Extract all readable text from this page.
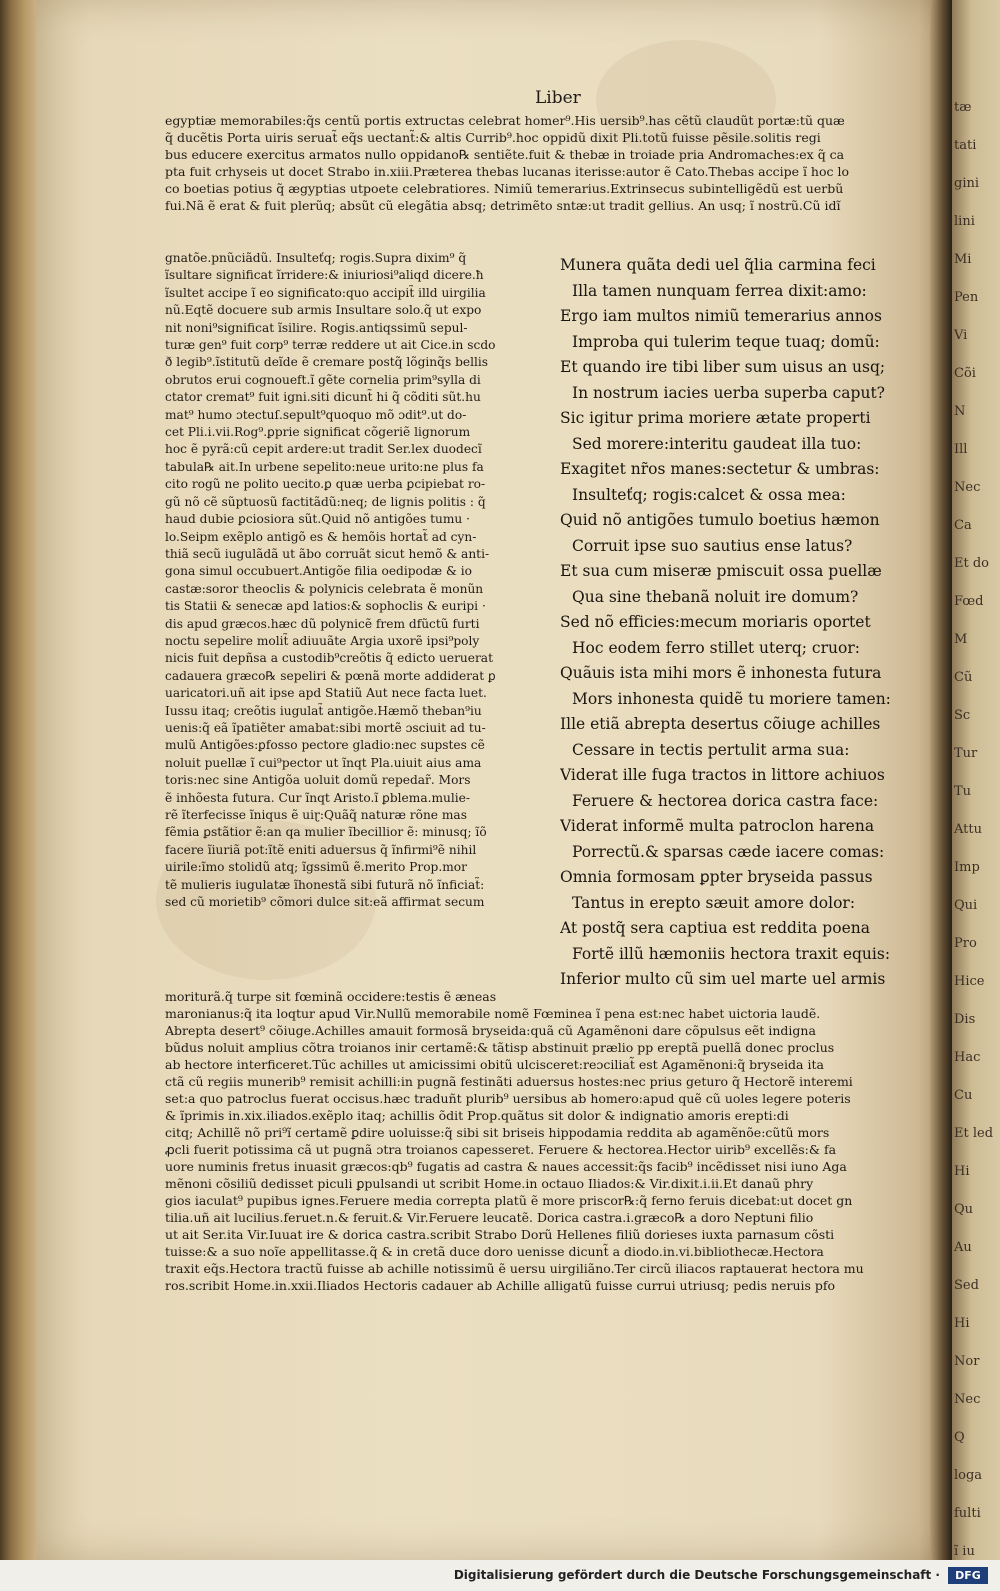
Liber
egyptiæ memorabiles:q̃s centũ portis extructas celebrat homer⁹.His uersib⁹.has cẽtũ claudũt portæ:tũ quæ
q̃ ducẽtis Porta uiris seruat̃ eq̃s uectant̃:& altis Currib⁹.hoc oppidũ dixit Pli.totũ fuisse pẽsile.solitis regi
bus educere exercitus armatos nullo oppidano℞ sentiẽte.fuit & thebæ in troiade pria Andromaches:ex q̃ ca
pta fuit crhyseis ut docet Strabo in.xiii.Præterea thebas lucanas iterisse:autor ẽ Cato.Thebas accipe ĩ hoc lo
co boetias potius q̃ ægyptias utpoete celebratiores. Nimiũ temerarius.Extrinsecus subintelligẽdũ est uerbũ
fui.Nã ẽ erat & fuit plerũq; absũt cũ elegãtia absq; detrimẽto sntæ:ut tradit gellius. An usq; ĩ nostrũ.Cũ idĩ
gnatõe.pnũciãdũ. Insulteťq; rogis.Supra dixim⁹ q̃
ĩsultare significat ĩrridere:& iniuriosi⁹aliqd dicere.ħ
ĩsultet accipe ĩ eo significato:quo accipit̃ illd uirgilia
nũ.Eqtẽ docuere sub armis Insultare solo.q̃ ut expo
nit noni⁹significat ĩsilire. Rogis.antiqssimũ sepul-
turæ gen⁹ fuit corp⁹ terræ reddere ut ait Cice.in scdo
ð legib⁹.ĩstitutũ deĩde ẽ cremare postq̃ lõginq̃s bellis
obrutos erui cognoueft.ĩ gẽte cornelia prim⁹sylla di
ctator cremat⁹ fuit igni.siti dicunt̃ hi q̃ cõditi sũt.hu
mat⁹ humo ɔtectuſ.sepult⁹quoquo mõ ɔdit⁹.ut do-
cet Pli.i.vii.Rog⁹.ꝑprie significat cõgeriẽ lignorum
hoc ẽ pyrã:cũ cepit ardere:ut tradit Ser.lex duodecĩ
tabula℞ ait.In urbene sepelito:neue urito:ne plus fa
cito rogũ ne polito uecito.ꝑ quæ uerba ꝑcipiebat ro-
gũ nõ cẽ sũptuosũ factitãdũ:neq; de lignis politis : q̃
haud dubie ꝑciosiora sũt.Quid nõ antigões tumu ·
lo.Seipm exẽplo antigõ es & hemõis hortat̃ ad cyn-
thiã secũ iugulãdã ut ãbo corruãt sicut hemõ & anti-
gona simul occubuert.Antigõe filia oedipodæ & io
castæ:soror theoclis & polynicis celebrata ẽ monũn
tis Statii & senecæ apd latios:& sophoclis & euripi ·
dis apud græcos.hæc dũ polynicẽ frem dfũctũ furti
noctu sepelire molit̃ adiuuãte Argia uxorẽ ipsi⁹poly
nicis fuit depñsa a custodib⁹creõtis q̃ edicto ueruerat
cadauera græco℞ sepeliri & pœnã morte addiderat ꝑ
uaricatori.uñ ait ipse apd Statiũ Aut nece facta luet.
Iussu itaq; creõtis iugulat̃ antigõe.Hæmõ theban⁹iu
uenis:q̃ eã ĩpatiẽter amabat:sibi mortẽ ɔsciuit ad tu-
mulũ Antigões:ꝑfosso pectore gladio:nec supstes cẽ
noluit puellæ ĩ cui⁹pector ut ĩnqt Pla.uiuit aius ama
toris:nec sine Antigõa uoluit domũ repedar̃. Mors
ẽ inhõesta futura. Cur ĩnqt Aristo.ĩ ꝑblema.mulie-
rẽ ĩterfecisse ĩniqus ẽ uiɽ:Quãq̃ naturæ rõne mas
fẽmia ꝑstãtior ẽ:an qa mulier ĩbecillior ẽ: minusq; ĩõ
facere ĩiuriã pot:ĩtẽ eniti aduersus q̃ ĩnfirmi⁹ẽ nihil
uirile:ĩmo stolidũ atq; ĩgssimũ ẽ.merito Prop.mor
tẽ mulieris iugulatæ ĩhonestã sibi futurã nõ ĩnficiat̃:
sed cũ morietib⁹ cõmori dulce sit:eã affirmat secum
Munera quãta dedi uel q̃lia carmina feci
Illa tamen nunquam ferrea dixit:amo:
Ergo iam multos nimiũ temerarius annos
Improba qui tulerim teque tuaq; domũ:
Et quando ire tibi liber sum uisus an usq;
In nostrum iacies uerba superba caput?
Sic igitur prima moriere ætate properti
Sed morere:interitu gaudeat illa tuo:
Exagitet nr̃os manes:sectetur & umbras:
Insulteťq; rogis:calcet & ossa mea:
Quid nõ antigões tumulo boetius hæmon
Corruit ipse suo sautius ense latus?
Et sua cum miseræ pmiscuit ossa puellæ
Qua sine thebanã noluit ire domum?
Sed nõ efficies:mecum moriaris oportet
Hoc eodem ferro stillet uterq; cruor:
Quãuis ista mihi mors ẽ inhonesta futura
Mors inhonesta quidẽ tu moriere tamen:
Ille etiã abrepta desertus cõiuge achilles
Cessare in tectis pertulit arma sua:
Viderat ille fuga tractos in littore achiuos
Feruere & hectorea dorica castra face:
Viderat informẽ multa patroclon harena
Porrectũ.& sparsas cæde iacere comas:
Omnia formosam ꝑpter bryseida passus
Tantus in erepto sæuit amore dolor:
At postq̃ sera captiua est reddita poena
Fortẽ illũ hæmoniis hectora traxit equis:
Inferior multo cũ sim uel marte uel armis
moriturã.q̃ turpe sit fœminã occidere:testis ẽ æneas
maronianus:q̃ ita loqtur apud Vir.Nullũ memorabile nomẽ Fœminea ĩ pena est:nec habet uictoria laudẽ.
Abrepta desert⁹ cõiuge.Achilles amauit formosã bryseida:quã cũ Agamẽnoni dare cõpulsus eẽt indigna
bũdus noluit amplius cõtra troianos inir certamẽ:& tãtisp abstinuit prælio pp ereptã puellã donec proclus
ab hectore interficeret.Tũc achilles ut amicissimi obitũ ulcisceret:reɔciliat̃ est Agamẽnoni:q̃ bryseida ita
ctã cũ regiis munerib⁹ remisit achilli:in pugnã festinãti aduersus hostes:nec prius geturo q̃ Hectorẽ interemi
set:a quo patroclus fuerat occisus.hæc traduñt plurib⁹ uersibus ab homero:apud quẽ cũ uoles legere poteris
& ĩprimis in.xix.iliados.exẽplo itaq; achillis õdit Prop.quãtus sit dolor & indignatio amoris erepti:di
citq; Achillẽ nõ pri⁹ĩ certamẽ ꝑdire uoluisse:q̃ sibi sit briseis hippodamia reddita ab agamẽnõe:cũtũ mors
ꝓcli fuerit potissima cã ut pugnã ɔtra troianos capesseret. Feruere & hectorea.Hector uirib⁹ excellẽs:& fa
uore numinis fretus inuasit græcos:qb⁹ fugatis ad castra & naues accessit:q̃s facib⁹ incẽdisset nisi iuno Aga
mẽnoni cõsiliũ dedisset piculi ꝑpulsandi ut scribit Home.in octauo Iliados:& Vir.dixit.i.ii.Et danaũ phry
gios iaculat⁹ pupibus ignes.Feruere media correpta platũ ẽ more priscor℞:q̃ ferno feruis dicebat:ut docet gn
tilia.uñ ait lucilius.feruet.n.& feruit.& Vir.Feruere leucatẽ. Dorica castra.i.græco℞ a doro Neptuni filio
ut ait Ser.ita Vir.Iuuat ire & dorica castra.scribit Strabo Dorũ Hellenes filiũ dorieses iuxta parnasum cõsti
tuisse:& a suo noĩe appellitasse.q̃ & in cretã duce doro uenisse dicunt̃ a diodo.in.vi.bibliothecæ.Hectora
traxit eq̃s.Hectora tractũ fuisse ab achille notissimũ ẽ uersu uirgiliãno.Ter circũ iliacos raptauerat hectora mu
ros.scribit Home.in.xxii.Iliados Hectoris cadauer ab Achille alligatũ fuisse currui utriusq; pedis neruis pfo
tæ
tati
gini
lini
Mi
Pen
Vi
Cõi
N
Ill
Nec
Ca
Et do
Fœd
M
Cũ
Sc
Tur
Tu
Attu
Imp
Qui
Pro
Hice
Dis
Hac
Cu
Et led
Hi
Qu
Au
Sed
Hi
Nor
Nec
Q
loga
fulti
ĩ iu
Digitalisierung gefördert durch die Deutsche Forschungsgemeinschaft ·	DFG
